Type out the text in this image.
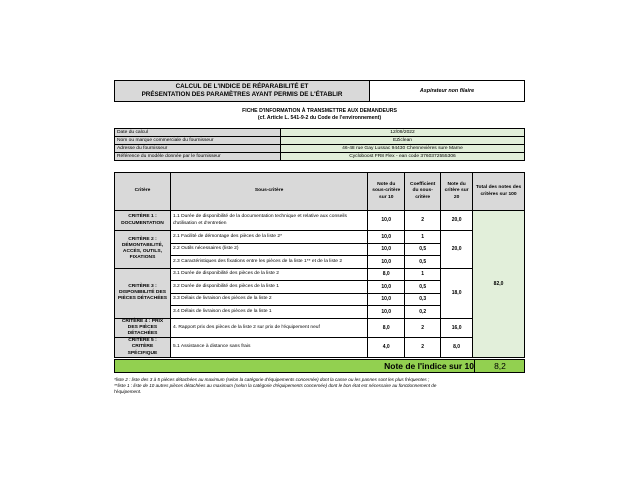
CALCUL DE L'INDICE DE RÉPARABILITÉ ET
PRÉSENTATION DES PARAMÈTRES AYANT PERMIS DE L'ÉTABLIR	Aspirateur non filaire
FICHE D'INFORMATION À TRANSMETTRE AUX DEMANDEURS
(cf. Article L. 541-9-2 du Code de l'environnement)
Date du calcul	12/09/2022
Nom ou marque commerciale du fournisseur	EZiclean
Adresse du fournisseur	46-48 rue Gay Lussac 94430 Chennevières sure Marne
Référence du modèle donnée par le fournisseur	Cycloboost FR8 Flex - ean code 3760372555306
Critère	Sous-critère	Note du sous-critère sur 10	Coefficient du sous-critère	Note du critère sur 20	Total des notes des critères sur 100
CRITÈRE 1 : DOCUMENTATION	1.1 Durée de disponibilité de la documentation technique et relative aux conseils d'utilisation et d'entretien	10,0	2	20,0	82,0
CRITÈRE 2 : DÉMONTABILITÉ, ACCÈS, OUTILS, FIXATIONS	2.1 Facilité de démontage des pièces de la liste 2*	10,0	1	20,0	
	2.2 Outils nécessaires (liste 2)	10,0	0,5		
	2.3 Caractéristiques des fixations entre les pièces de la liste 1** et de la liste 2	10,0	0,5		
CRITÈRE 3 : DISPONIBILITÉ DES PIÈCES DÉTACHÉES	3.1 Durée de disponibilité des pièces de la liste 2	8,0	1	18,0	
	3.2 Durée de disponibilité des pièces de la liste 1	10,0	0,5		
	3.3 Délais de livraison des pièces de la liste 2	10,0	0,3		
	3.4 Délais de livraison des pièces de la liste 1	10,0	0,2		
CRITÈRE 4 : PRIX DES PIÈCES DÉTACHÉES	4. Rapport prix des pièces de la liste 2 sur prix de l'équipement neuf	8,0	2	16,0	
CRITÈRE 5 : CRITÈRE SPÉCIFIQUE	5.1 Assistance à distance sans frais	4,0	2	8,0	
Note de l'indice sur 10	8,2
*liste 2 : liste des 3 à 5 pièces détachées au maximum (selon la catégorie d'équipements concernée) dont la casse ou les pannes sont les plus fréquentes ;
**liste 1 : liste de 10 autres pièces détachées au maximum (selon la catégorie d'équipements concernée) dont le bon état est nécessaire au fonctionnement de
l'équipement.
